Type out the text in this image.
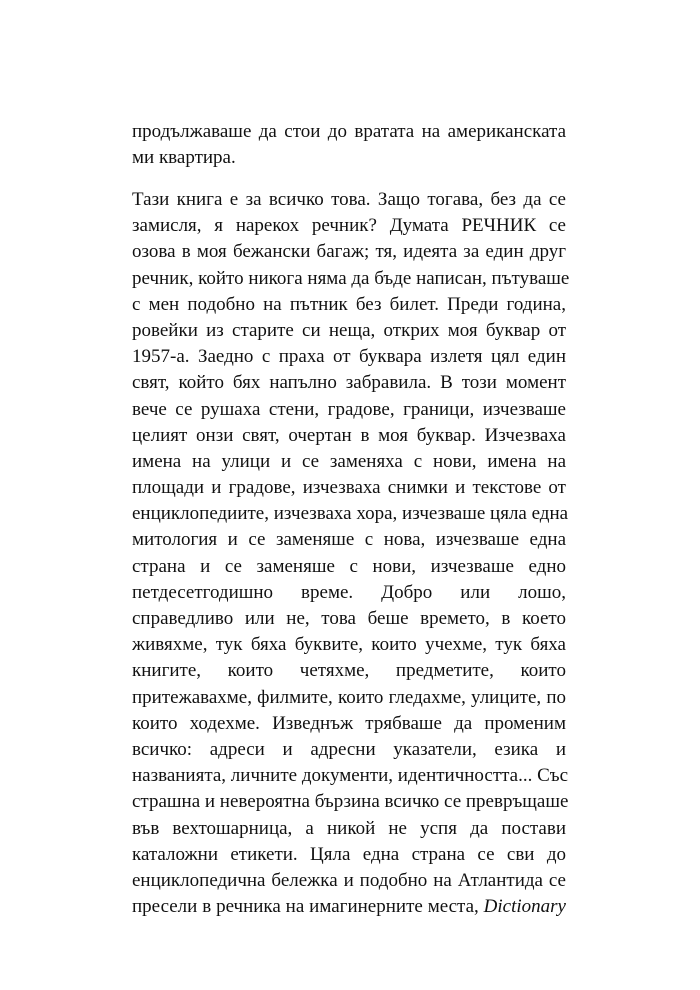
продължаваше да стои до вратата на американската
ми квартира.
Тази книга е за всичко това. Защо тогава, без да се
замисля, я нарекох речник? Думата РЕЧНИК се
озова в моя бежански багаж; тя, идеята за един друг
речник, който никога няма да бъде написан, пътуваше
с мен подобно на пътник без билет. Преди година,
ровейки из старите си неща, открих моя буквар от
1957-а. Заедно с праха от буквара излетя цял един
свят, който бях напълно забравила. В този момент
вече се рушаха стени, градове, граници, изчезваше
целият онзи свят, очертан в моя буквар. Изчезваха
имена на улици и се заменяха с нови, имена на
площади и градове, изчезваха снимки и текстове от
енциклопедиите, изчезваха хора, изчезваше цяла една
митология и се заменяше с нова, изчезваше една
страна и се заменяше с нови, изчезваше едно
петдесетгодишно време. Добро или лошо,
справедливо или не, това беше времето, в което
живяхме, тук бяха буквите, които учехме, тук бяха
книгите, които четяхме, предметите, които
притежавахме, филмите, които гледахме, улиците, по
които ходехме. Изведнъж трябваше да променим
всичко: адреси и адресни указатели, езика и
названията, личните документи, идентичността... Със
страшна и невероятна бързина всичко се превръщаше
във вехтошарница, а никой не успя да постави
каталожни етикети. Цяла една страна се сви до
енциклопедична бележка и подобно на Атлантида се
пресели в речника на имагинерните места, Dictionary
